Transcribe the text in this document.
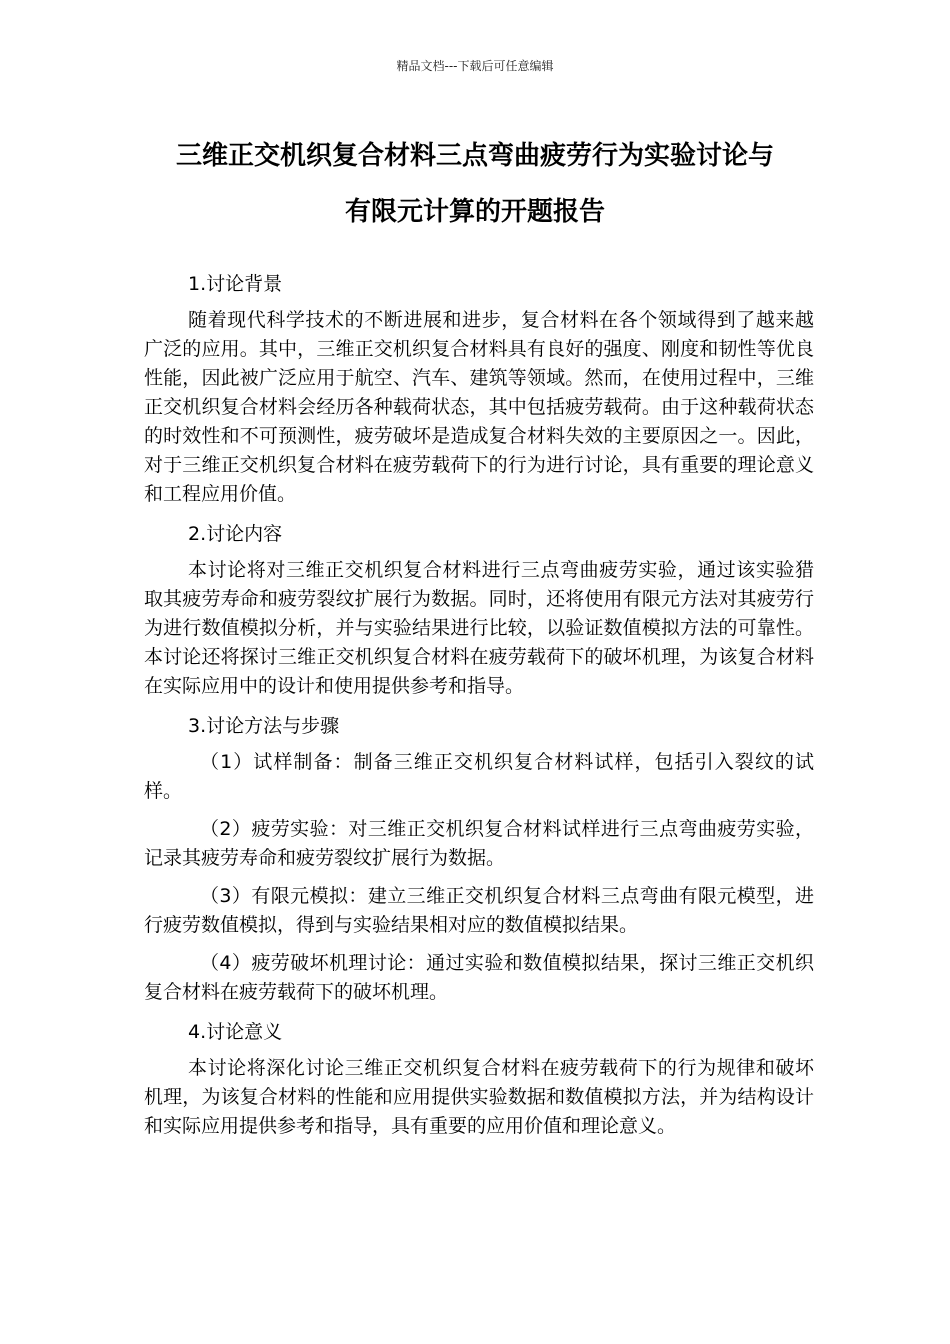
精品文档---下载后可任意编辑
三维正交机织复合材料三点弯曲疲劳行为实验讨论与
有限元计算的开题报告
1.讨论背景

随着现代科学技术的不断进展和进步，复合材料在各个领域得到了越来越广泛的应用。其中，三维正交机织复合材料具有良好的强度、刚度和韧性等优良性能，因此被广泛应用于航空、汽车、建筑等领域。然而，在使用过程中，三维正交机织复合材料会经历各种载荷状态，其中包括疲劳载荷。由于这种载荷状态的时效性和不可预测性，疲劳破坏是造成复合材料失效的主要原因之一。因此，对于三维正交机织复合材料在疲劳载荷下的行为进行讨论，具有重要的理论意义和工程应用价值。

2.讨论内容

本讨论将对三维正交机织复合材料进行三点弯曲疲劳实验，通过该实验猎取其疲劳寿命和疲劳裂纹扩展行为数据。同时，还将使用有限元方法对其疲劳行为进行数值模拟分析，并与实验结果进行比较，以验证数值模拟方法的可靠性。本讨论还将探讨三维正交机织复合材料在疲劳载荷下的破坏机理，为该复合材料在实际应用中的设计和使用提供参考和指导。

3.讨论方法与步骤

（1）试样制备：制备三维正交机织复合材料试样，包括引入裂纹的试样。

（2）疲劳实验：对三维正交机织复合材料试样进行三点弯曲疲劳实验，记录其疲劳寿命和疲劳裂纹扩展行为数据。

（3）有限元模拟：建立三维正交机织复合材料三点弯曲有限元模型，进行疲劳数值模拟，得到与实验结果相对应的数值模拟结果。

（4）疲劳破坏机理讨论：通过实验和数值模拟结果，探讨三维正交机织复合材料在疲劳载荷下的破坏机理。

4.讨论意义

本讨论将深化讨论三维正交机织复合材料在疲劳载荷下的行为规律和破坏机理，为该复合材料的性能和应用提供实验数据和数值模拟方法，并为结构设计和实际应用提供参考和指导，具有重要的应用价值和理论意义。
